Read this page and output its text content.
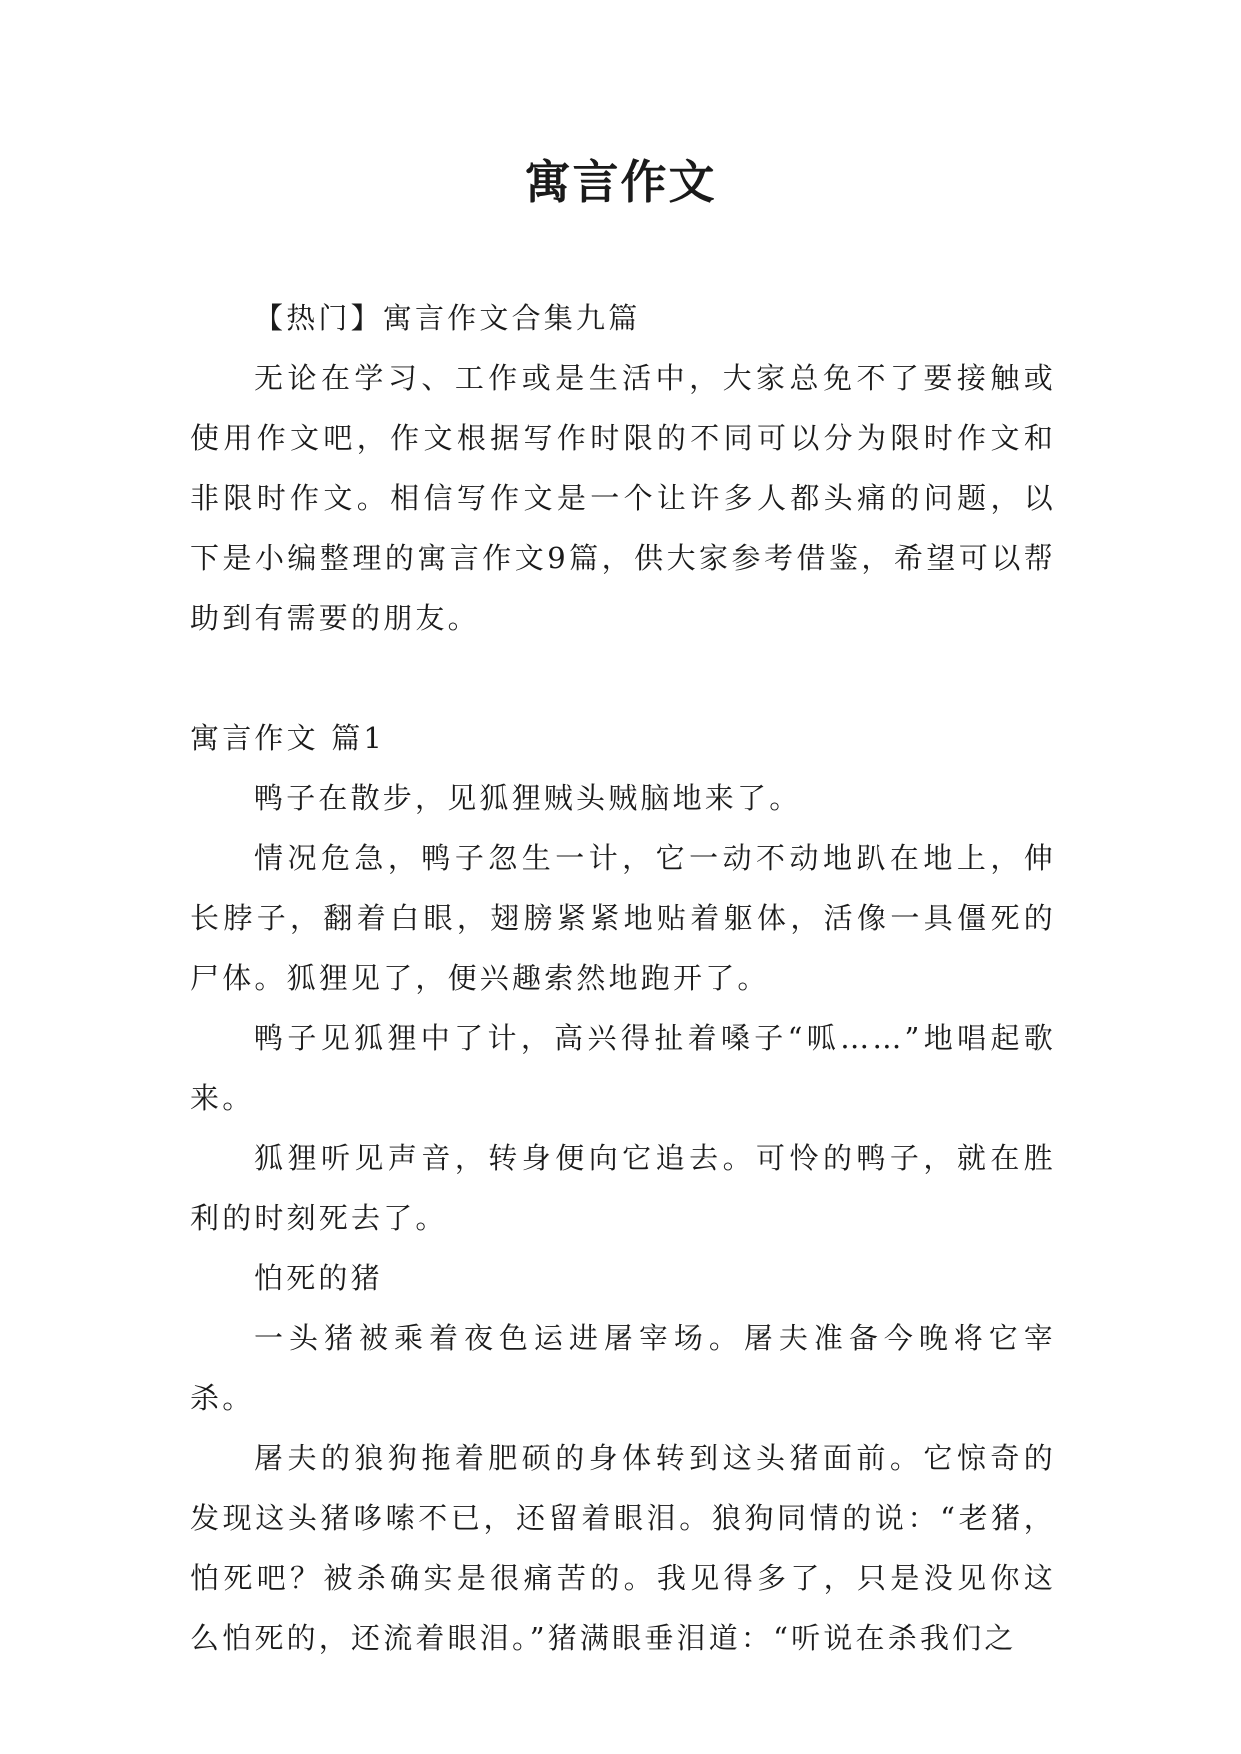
寓言作文

【热门】寓言作文合集九篇

无论在学习、工作或是生活中，大家总免不了要接触或使用作文吧，作文根据写作时限的不同可以分为限时作文和非限时作文。相信写作文是一个让许多人都头痛的问题，以下是小编整理的寓言作文9篇，供大家参考借鉴，希望可以帮助到有需要的朋友。

寓言作文 篇1

鸭子在散步，见狐狸贼头贼脑地来了。

情况危急，鸭子忽生一计，它一动不动地趴在地上，伸长脖子，翻着白眼，翅膀紧紧地贴着躯体，活像一具僵死的尸体。狐狸见了，便兴趣索然地跑开了。

鸭子见狐狸中了计，高兴得扯着嗓子“呱……”地唱起歌来。

狐狸听见声音，转身便向它追去。可怜的鸭子，就在胜利的时刻死去了。

怕死的猪

一头猪被乘着夜色运进屠宰场。屠夫准备今晚将它宰杀。

屠夫的狼狗拖着肥硕的身体转到这头猪面前。它惊奇的发现这头猪哆嗦不已，还留着眼泪。狼狗同情的说：“老猪，怕死吧？被杀确实是很痛苦的。我见得多了，只是没见你这么怕死的，还流着眼泪。”猪满眼垂泪道：“听说在杀我们之
